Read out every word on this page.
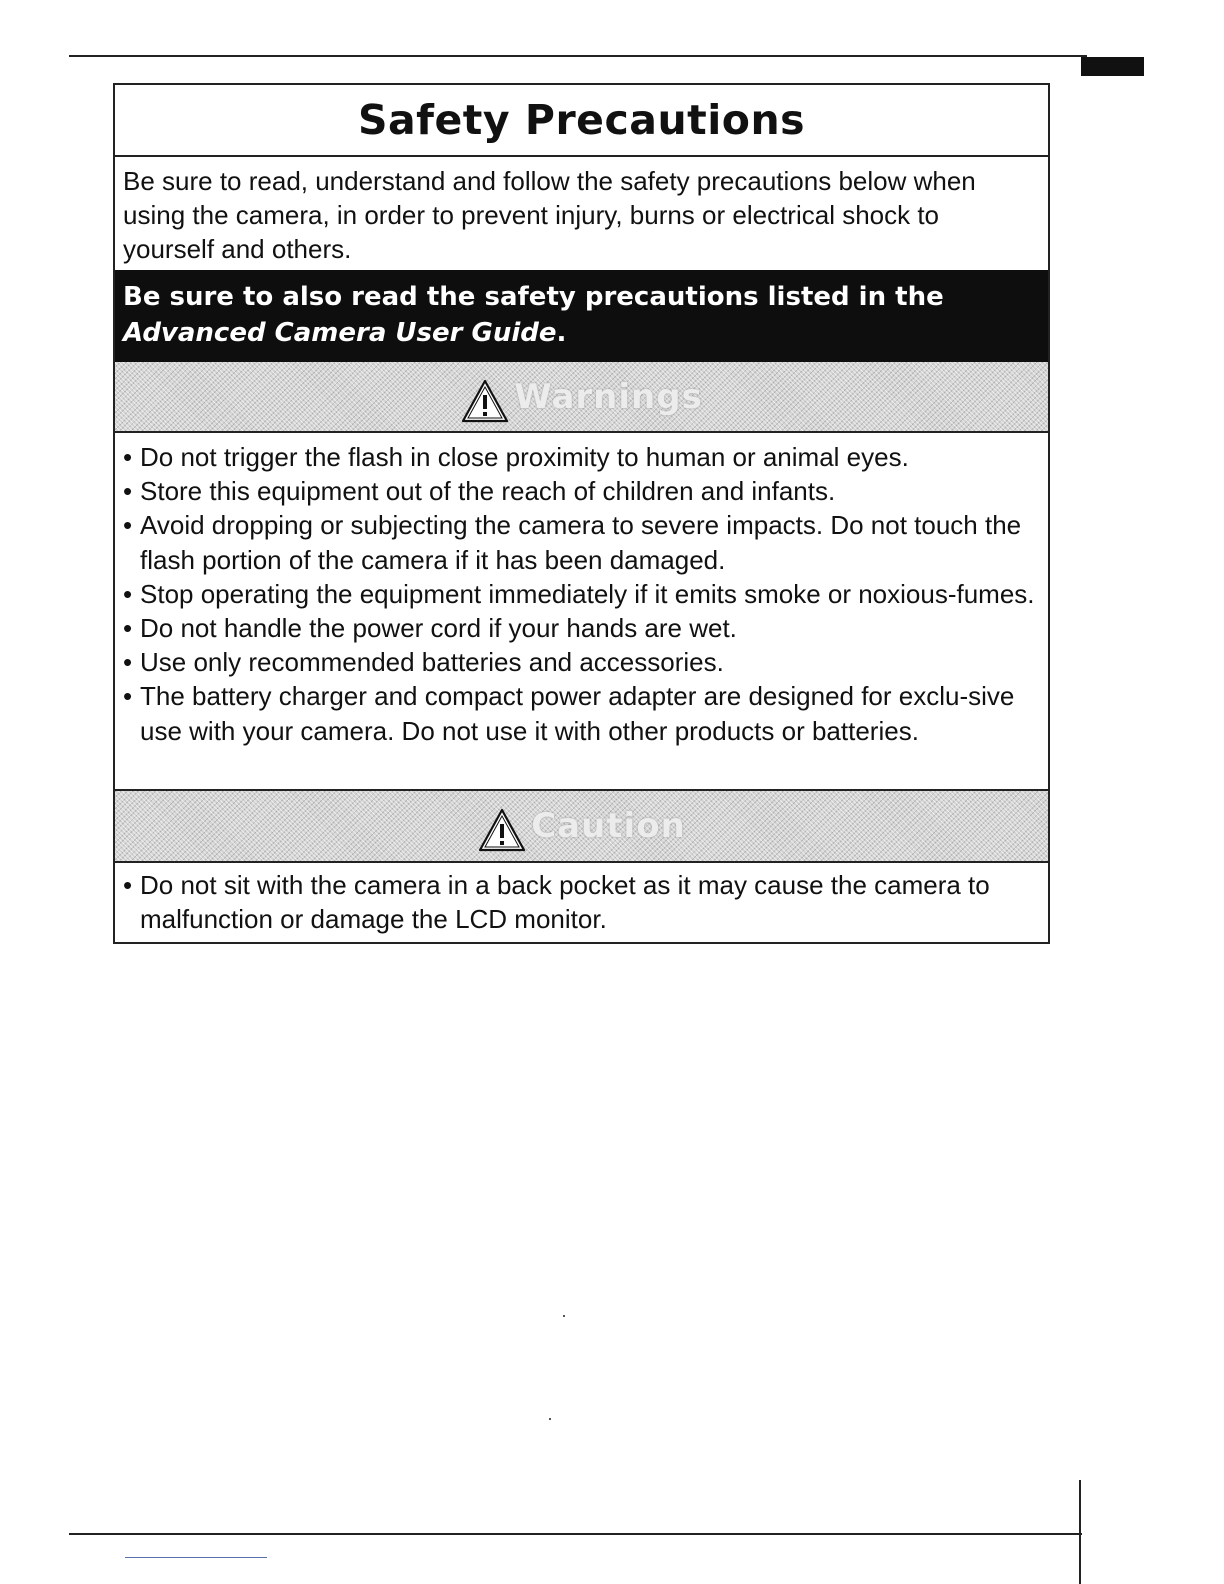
Safety Precautions
Be sure to read, understand and follow the safety precautions below when using the camera, in order to prevent injury, burns or electrical shock to yourself and others.
Be sure to also read the safety precautions listed in the
Advanced Camera User Guide.
Warnings
• Do not trigger the flash in close proximity to human or animal eyes.
• Store this equipment out of the reach of children and infants.
• Avoid dropping or subjecting the camera to severe impacts. Do not touch the flash portion of the camera if it has been damaged.
• Stop operating the equipment immediately if it emits smoke or noxious-fumes.
• Do not handle the power cord if your hands are wet.
• Use only recommended batteries and accessories.
• The battery charger and compact power adapter are designed for exclu-sive use with your camera. Do not use it with other products or batteries.
Caution
• Do not sit with the camera in a back pocket as it may cause the camera to malfunction or damage the LCD monitor.
